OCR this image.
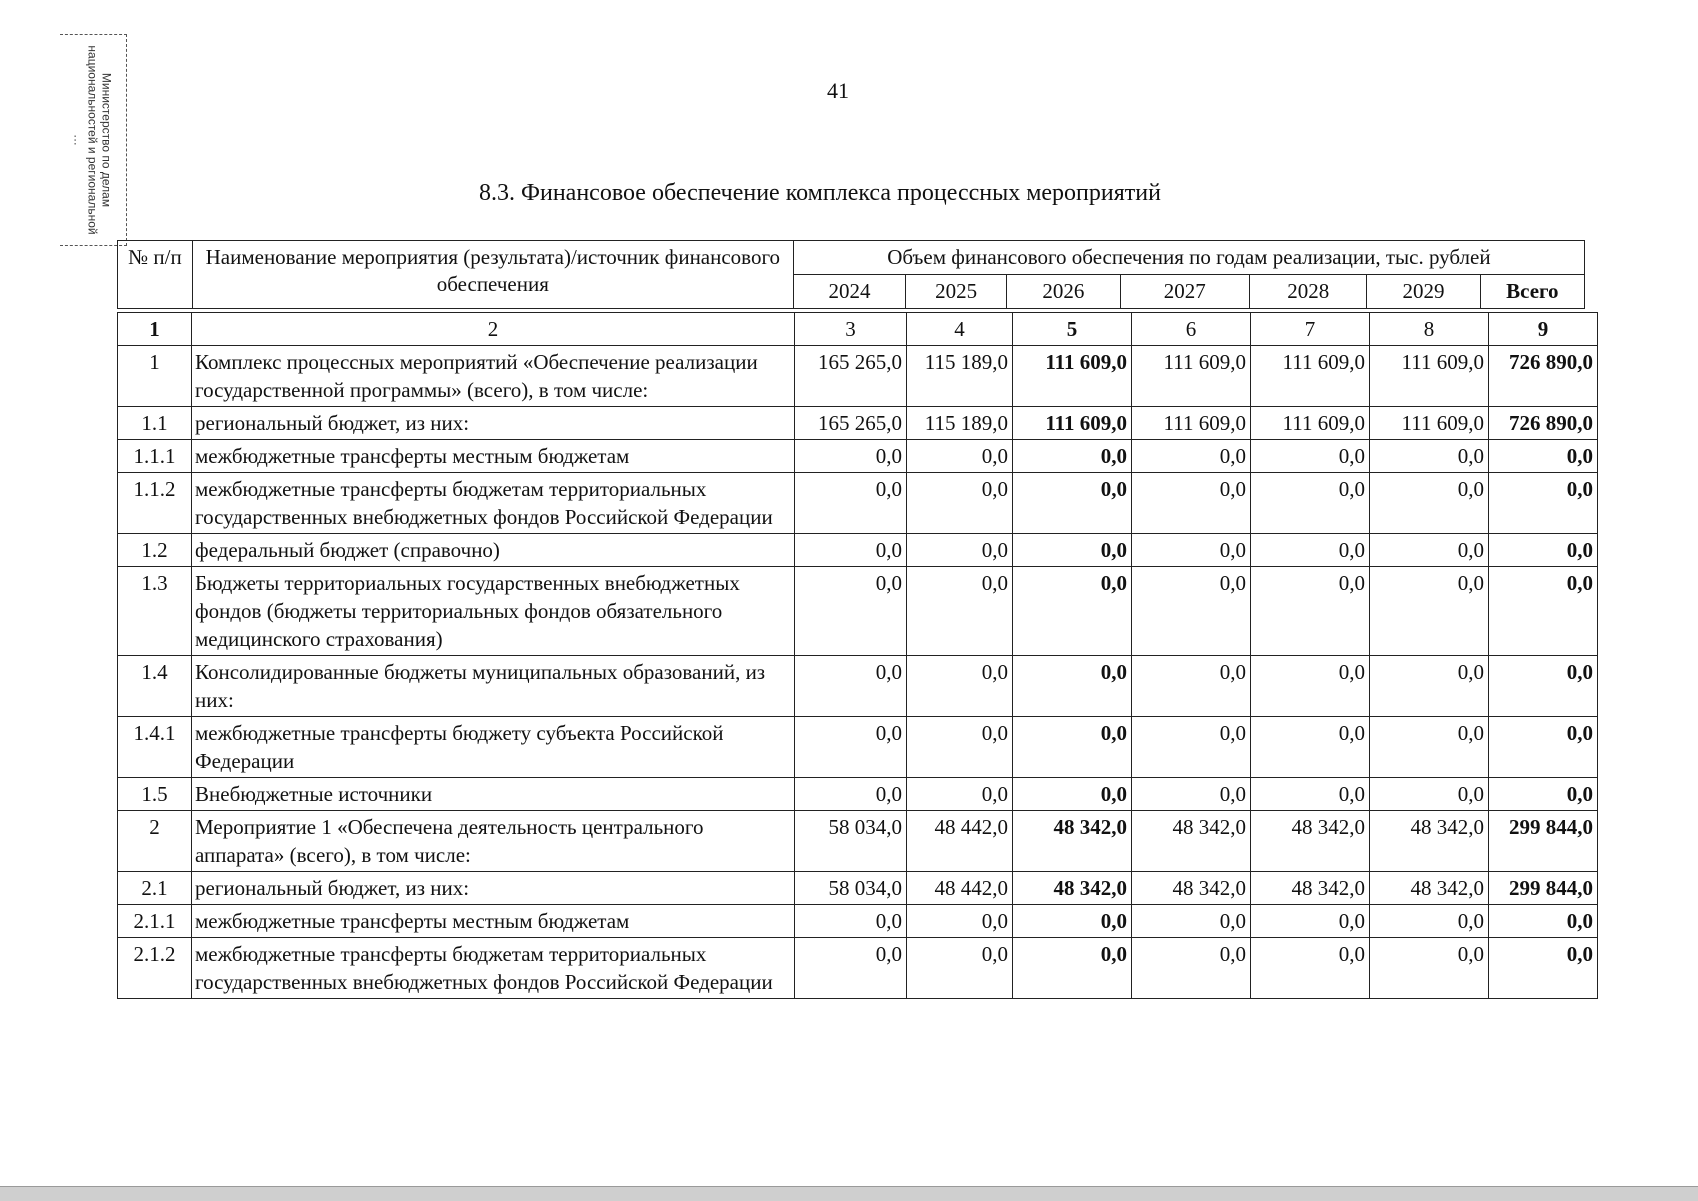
Министерство по делам
национальностей и региональной
…
41
8.3. Финансовое обеспечение комплекса процессных мероприятий
№ п/п	Наименование мероприятия (результата)/источник финансового обеспечения	Объем финансового обеспечения по годам реализации, тыс. рублей						
		2024	2025	2026	2027	2028	2029	Всего
1	2	3	4	5	6	7	8	9
1	Комплекс процессных мероприятий «Обеспечение реализации государственной программы» (всего), в том числе:	165 265,0	115 189,0	111 609,0	111 609,0	111 609,0	111 609,0	726 890,0
1.1	региональный бюджет, из них:	165 265,0	115 189,0	111 609,0	111 609,0	111 609,0	111 609,0	726 890,0
1.1.1	межбюджетные трансферты местным бюджетам	0,0	0,0	0,0	0,0	0,0	0,0	0,0
1.1.2	межбюджетные трансферты бюджетам территориальных государственных внебюджетных фондов Российской Федерации	0,0	0,0	0,0	0,0	0,0	0,0	0,0
1.2	федеральный бюджет (справочно)	0,0	0,0	0,0	0,0	0,0	0,0	0,0
1.3	Бюджеты территориальных государственных внебюджетных фондов (бюджеты территориальных фондов обязательного медицинского страхования)	0,0	0,0	0,0	0,0	0,0	0,0	0,0
1.4	Консолидированные бюджеты муниципальных образований, из них:	0,0	0,0	0,0	0,0	0,0	0,0	0,0
1.4.1	межбюджетные трансферты бюджету субъекта Российской Федерации	0,0	0,0	0,0	0,0	0,0	0,0	0,0
1.5	Внебюджетные источники	0,0	0,0	0,0	0,0	0,0	0,0	0,0
2	Мероприятие 1 «Обеспечена деятельность центрального аппарата» (всего), в том числе:	58 034,0	48 442,0	48 342,0	48 342,0	48 342,0	48 342,0	299 844,0
2.1	региональный бюджет, из них:	58 034,0	48 442,0	48 342,0	48 342,0	48 342,0	48 342,0	299 844,0
2.1.1	межбюджетные трансферты местным бюджетам	0,0	0,0	0,0	0,0	0,0	0,0	0,0
2.1.2	межбюджетные трансферты бюджетам территориальных государственных внебюджетных фондов Российской Федерации	0,0	0,0	0,0	0,0	0,0	0,0	0,0
